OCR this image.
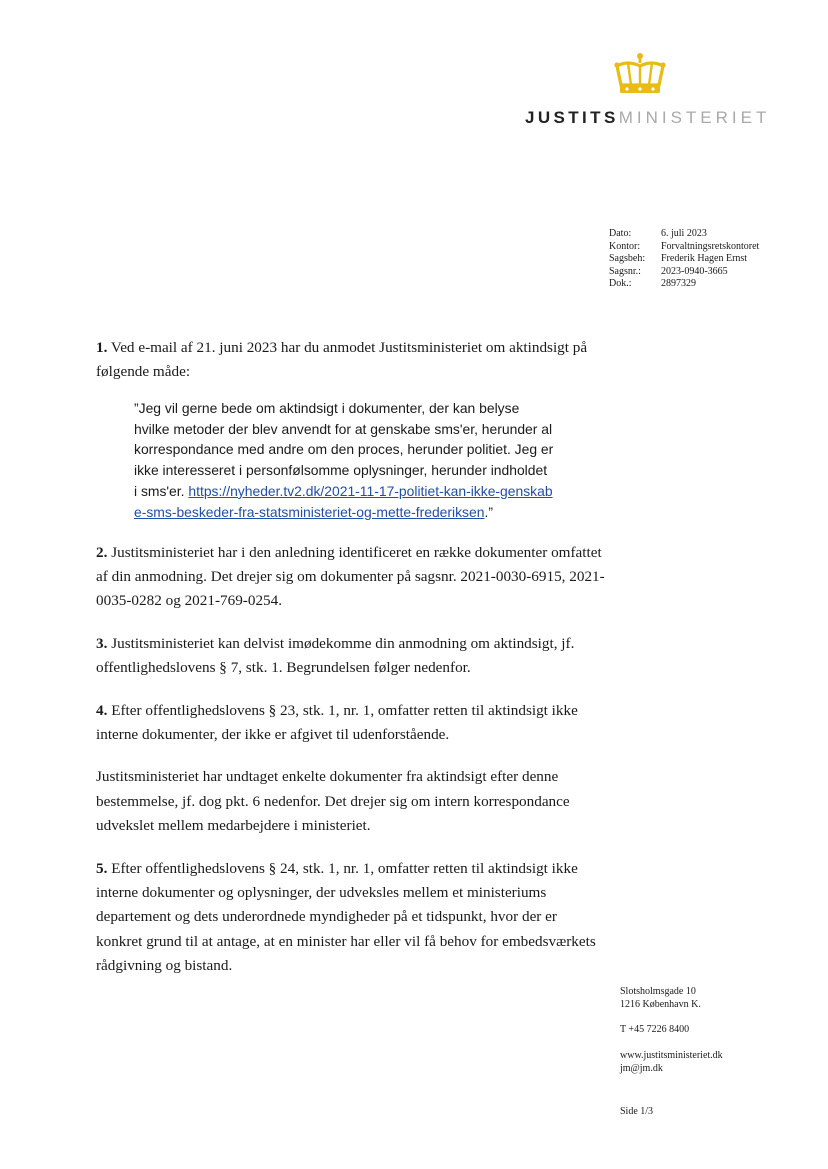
JUSTITSMINISTERIET
Dato:	6. juli 2023
Kontor:	Forvaltningsretskontoret
Sagsbeh:	Frederik Hagen Ernst
Sagsnr.:	2023-0940-3665
Dok.:	2897329

1. Ved e-mail af 21. juni 2023 har du anmodet Justitsministeriet om aktindsigt på følgende måde:

”Jeg vil gerne bede om aktindsigt i dokumenter, der kan belyse hvilke metoder der blev anvendt for at genskabe sms'er, herunder al korrespondance med andre om den proces, herunder politiet. Jeg er ikke interesseret i personfølsomme oplysninger, herunder indholdet i sms'er. https://nyheder.tv2.dk/2021-11-17-politiet-kan-ikke-genskabe-sms-beskeder-fra-statsministeriet-og-mette-frederiksen.”

2. Justitsministeriet har i den anledning identificeret en række dokumenter omfattet af din anmodning. Det drejer sig om dokumenter på sagsnr. 2021-0030-6915, 2021-0035-0282 og 2021-769-0254.

3. Justitsministeriet kan delvist imødekomme din anmodning om aktindsigt, jf. offentlighedslovens § 7, stk. 1. Begrundelsen følger nedenfor.

4. Efter offentlighedslovens § 23, stk. 1, nr. 1, omfatter retten til aktindsigt ikke interne dokumenter, der ikke er afgivet til udenforstående.

Justitsministeriet har undtaget enkelte dokumenter fra aktindsigt efter denne bestemmelse, jf. dog pkt. 6 nedenfor. Det drejer sig om intern korrespondance udvekslet mellem medarbejdere i ministeriet.

5. Efter offentlighedslovens § 24, stk. 1, nr. 1, omfatter retten til aktindsigt ikke interne dokumenter og oplysninger, der udveksles mellem et ministeriums departement og dets underordnede myndigheder på et tidspunkt, hvor der er konkret grund til at antage, at en minister har eller vil få behov for embedsværkets rådgivning og bistand.

Slotsholmsgade 10
1216 København K.
T +45 7226 8400
www.justitsministeriet.dk
jm@jm.dk
Side 1/3
